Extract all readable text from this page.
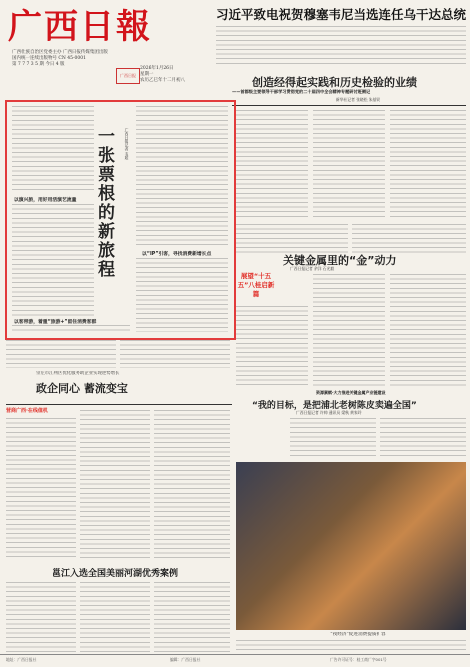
广西日報
广西壮族自治区党委主办 广西日报传媒集团出版
国内统一连续出版物号 CN 45-0001
第 7 7 7 3 5 期 今日 4 版
广西日报
2026年1月26日
星期一
农历乙巳年十二月初八
习近平致电祝贺穆塞韦尼当选连任乌干达总统
创造经得起实践和历史检验的业绩
——首都级主要领导干部学习贯彻党的二十届四中全会精神专题研讨班侧记
新华社记者 张晓松 朱基钗
一张票根的新旅程
广西日报记者 韦超
以演兴旅，用好用活演艺流量
以“IP”引客，寻找消费新增长点
以客带游，着重“旅游+”留住消费客群
关键金属里的“金”动力
广西日报记者 余洋 石光毅
展望“十五五”八桂启新篇
资源禀赋·大力推进关键金属产业链建设
崇左市江州区优化服务助企业实现逆势增长
政企同心 蓄流变宝
营商广西·在线值机	“我的目标，是把浦北老树陈皮卖遍全国”
广西日报记者 许帅 通讯员 梁秋 黄家玲
“夜经济”促进消费提质扩容
邕江入选全国美丽河湖优秀案例
地址：广西日报社	编辑：广西日报社	广告许可证号：桂工商广字001号
